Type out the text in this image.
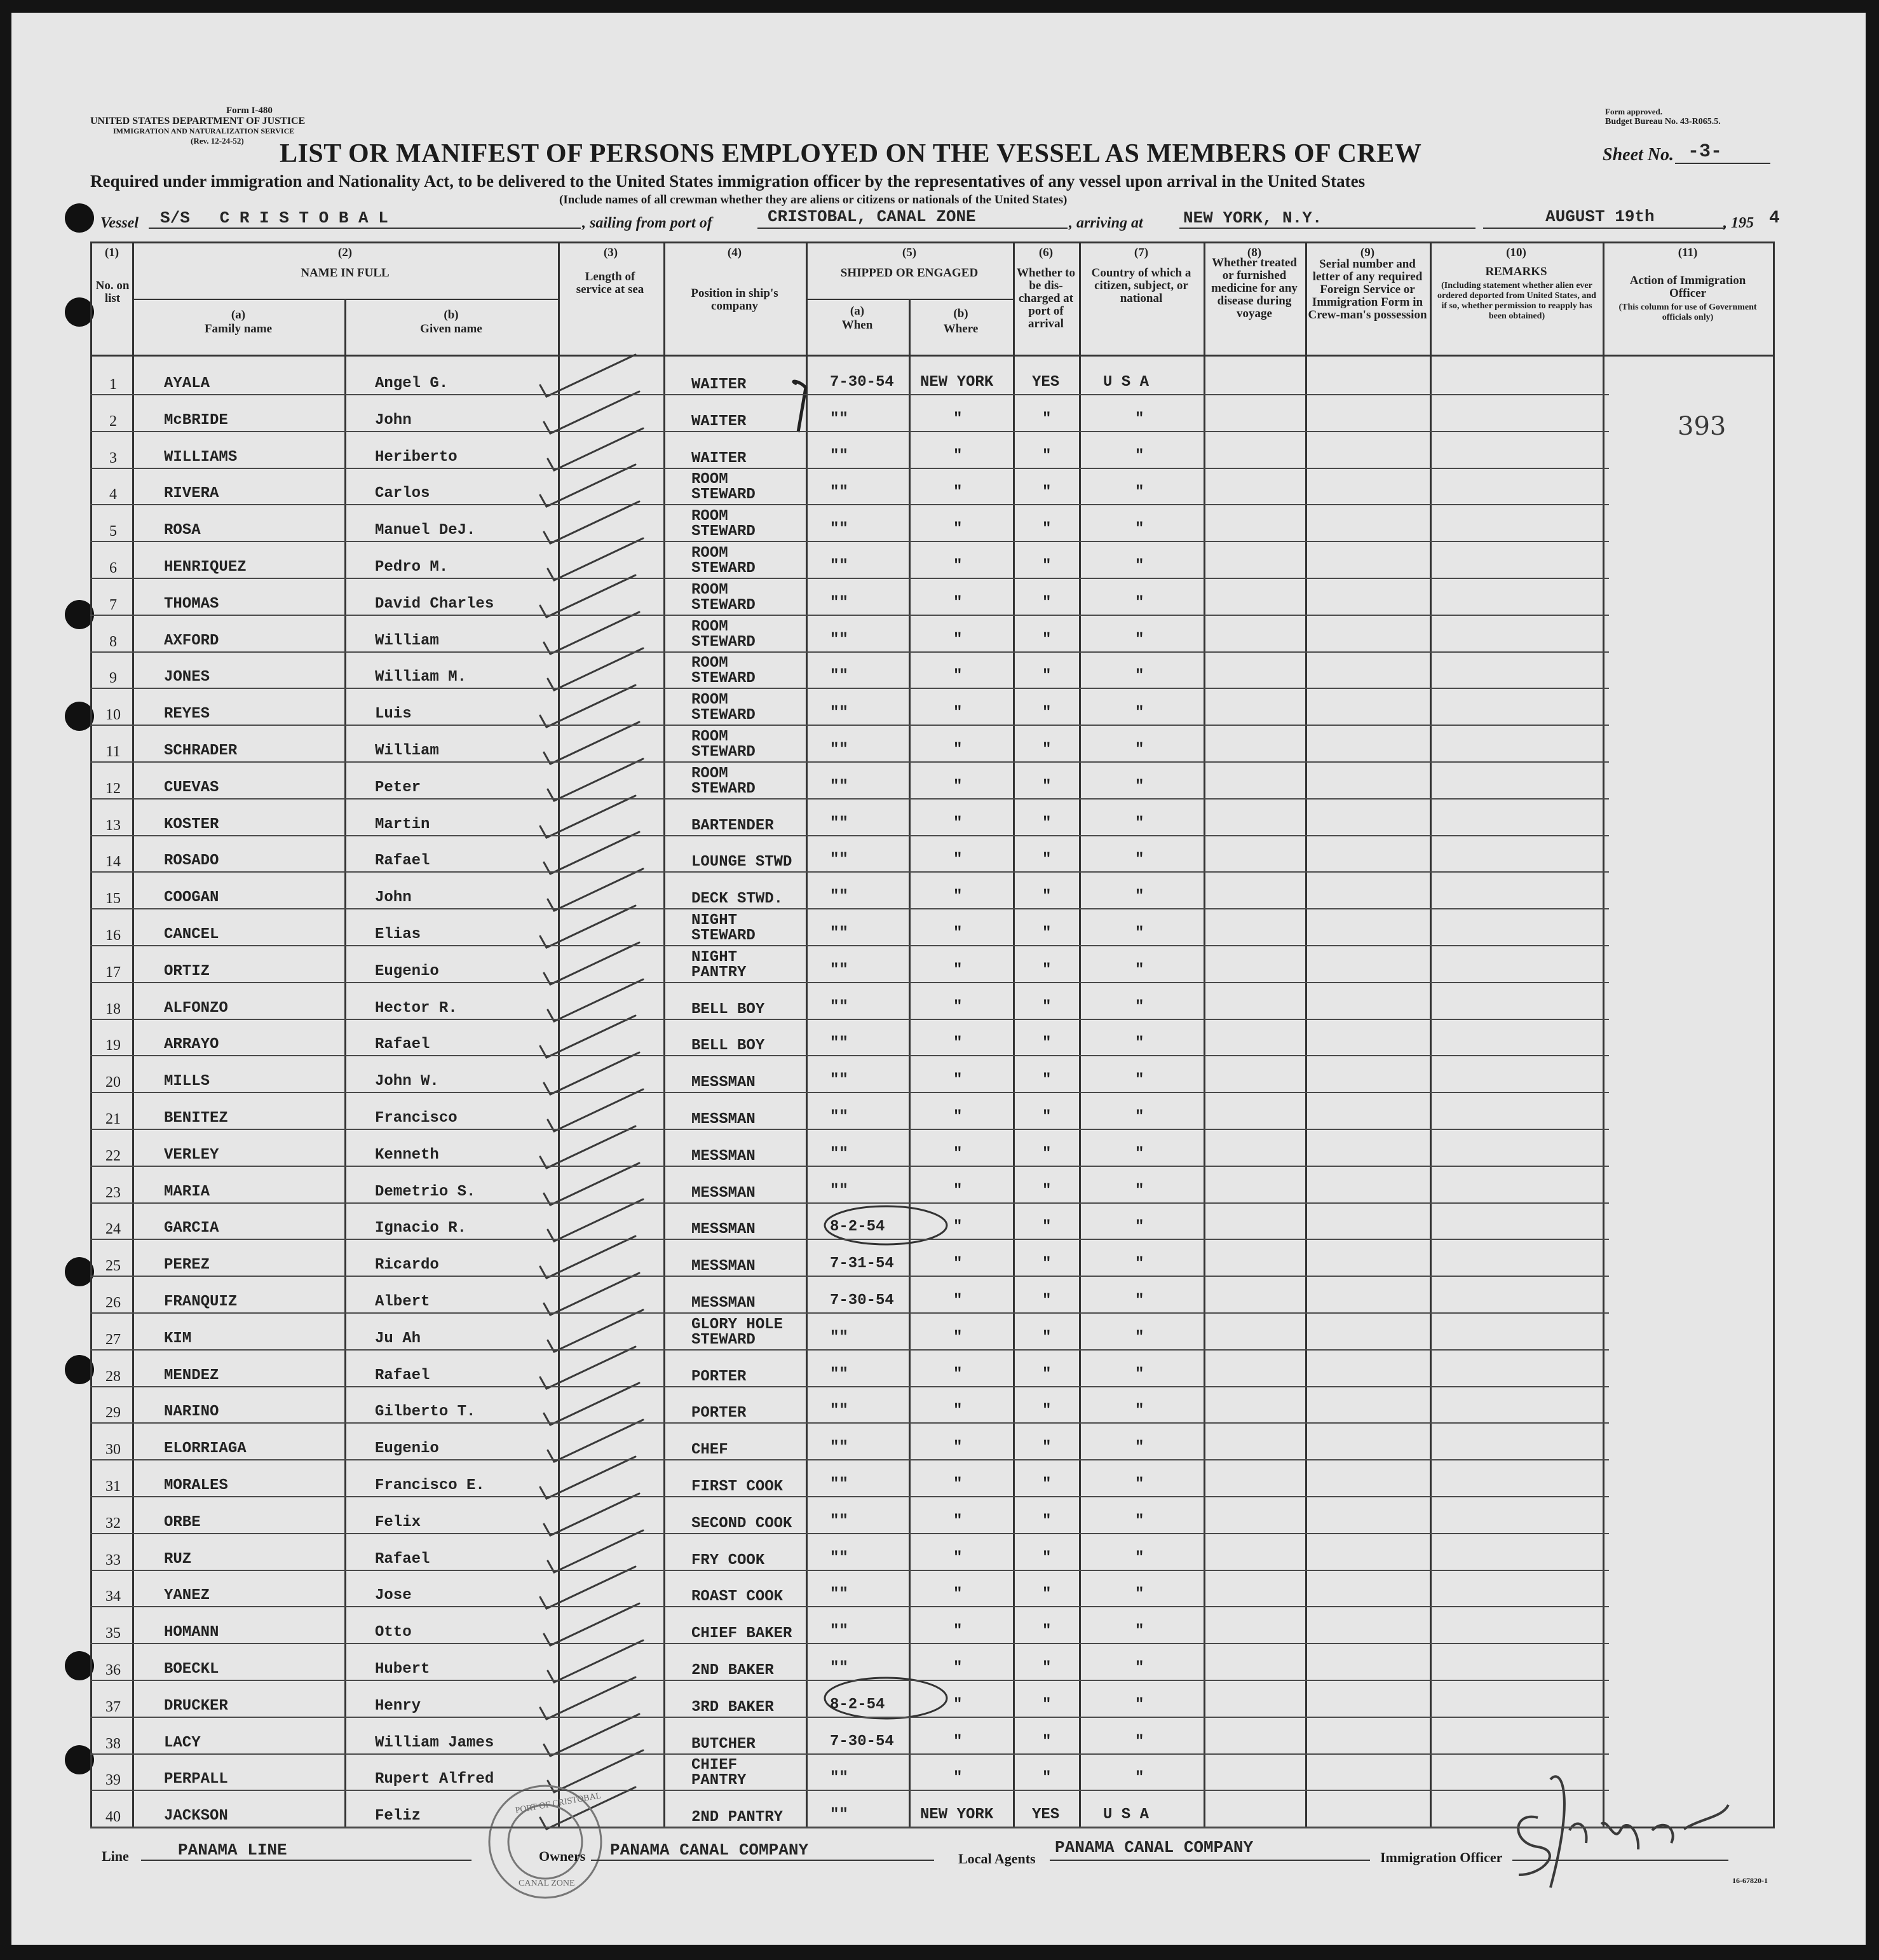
Form I-480
UNITED STATES DEPARTMENT OF JUSTICE
IMMIGRATION AND NATURALIZATION SERVICE
(Rev. 12-24-52)
Form approved.
Budget Bureau No. 43-R065.5.
LIST OR MANIFEST OF PERSONS EMPLOYED ON THE VESSEL AS MEMBERS OF CREW	Sheet No. -3-
Required under immigration and Nationality Act, to be delivered to the United States immigration officer by the representatives of any vessel upon arrival in the United States
(Include names of all crewman whether they are aliens or citizens or nationals of the United States)
Vessel S/S   C R I S T O B A L	, sailing from port of	CRISTOBAL, CANAL ZONE	, arriving at NEW YORK, N.Y.	AUGUST 19th	, 195 4
(1)
No. on list
(2)
NAME IN FULL
(a)
Family name
(b)
Given name
(3)
Length of service at sea
(4)
Position in ship's company
(5)
SHIPPED OR ENGAGED
(a)
When
(b)
Where
(6)
Whether to be dis-charged at port of arrival
(7)
Country of which a citizen, subject, or national
(8)
Whether treated or furnished medicine for any disease during voyage
(9)
Serial number and letter of any required Foreign Service or Immigration Form in Crew-man's possession
(10)
REMARKS
(Including statement whether alien ever ordered deported from United States, and if so, whether permission to reapply has been obtained)
(11)
Action of Immigration Officer
(This column for use of Government officials only)
1	AYALA	Angel G.	WAITER	7-30-54 NEW YORK	YES	U S A
2	McBRIDE	John	WAITER	""	"	"	"
3	WILLIAMS	Heriberto	WAITER	""	"	"	"
4	RIVERA	Carlos
ROOM
STEWARD	""	"	"	"
5	ROSA	Manuel DeJ.
ROOM
STEWARD	""	"	"	"
6	HENRIQUEZ	Pedro M.
ROOM
STEWARD	""	"	"	"
7	THOMAS	David Charles
ROOM
STEWARD	""	"	"	"
8	AXFORD	William
ROOM
STEWARD	""	"	"	"
9	JONES	William M.
ROOM
STEWARD	""	"	"	"
10	REYES	Luis
ROOM
STEWARD	""	"	"	"
11	SCHRADER	William
ROOM
STEWARD	""	"	"	"
12	CUEVAS	Peter
ROOM
STEWARD	""	"	"	"
13	KOSTER	Martin	BARTENDER	""	"	"	"
14	ROSADO	Rafael	LOUNGE STWD ""	"	"	"
15	COOGAN	John	DECK STWD.	""	"	"	"
16	CANCEL	Elias
NIGHT
STEWARD	""	"	"	"
17	ORTIZ	Eugenio
NIGHT
PANTRY	""	"	"	"
18	ALFONZO	Hector R.	BELL BOY	""	"	"	"
19	ARRAYO	Rafael	BELL BOY	""	"	"	"
20	MILLS	John W.	MESSMAN	""	"	"	"
21	BENITEZ	Francisco	MESSMAN	""	"	"	"
22	VERLEY	Kenneth	MESSMAN	""	"	"	"
23	MARIA	Demetrio S.	MESSMAN	""	"	"	"
24	GARCIA	Ignacio R.	MESSMAN	8-2-54	"	"	"
25	PEREZ	Ricardo	MESSMAN	7-31-54	"	"	"
26	FRANQUIZ	Albert	MESSMAN	7-30-54	"	"	"
27	KIM	Ju Ah
GLORY HOLE
STEWARD	""	"	"	"
28	MENDEZ	Rafael	PORTER	""	"	"	"
29	NARINO	Gilberto T.	PORTER	""	"	"	"
30	ELORRIAGA	Eugenio	CHEF	""	"	"	"
31	MORALES	Francisco E.	FIRST COOK	""	"	"	"
32	ORBE	Felix	SECOND COOK ""	"	"	"
33	RUZ	Rafael	FRY COOK	""	"	"	"
34	YANEZ	Jose	ROAST COOK	""	"	"	"
35	HOMANN	Otto	CHIEF BAKER ""	"	"	"
36	BOECKL	Hubert	2ND BAKER	""	"	"	"
37	DRUCKER	Henry	3RD BAKER	8-2-54	"	"	"
38	LACY	William James	BUTCHER	7-30-54	"	"	"
39	PERPALL	Rupert Alfred
CHIEF
PANTRY	""	"	"	"
40	JACKSON	Feliz	2ND PANTRY	""	NEW YORK	YES	U S A
393
Line	PANAMA LINE	Owners PANAMA CANAL COMPANY	Local Agents
PANAMA CANAL COMPANY
Immigration Officer
PORT OF CRISTOBAL
CANAL ZONE	16-67820-1
